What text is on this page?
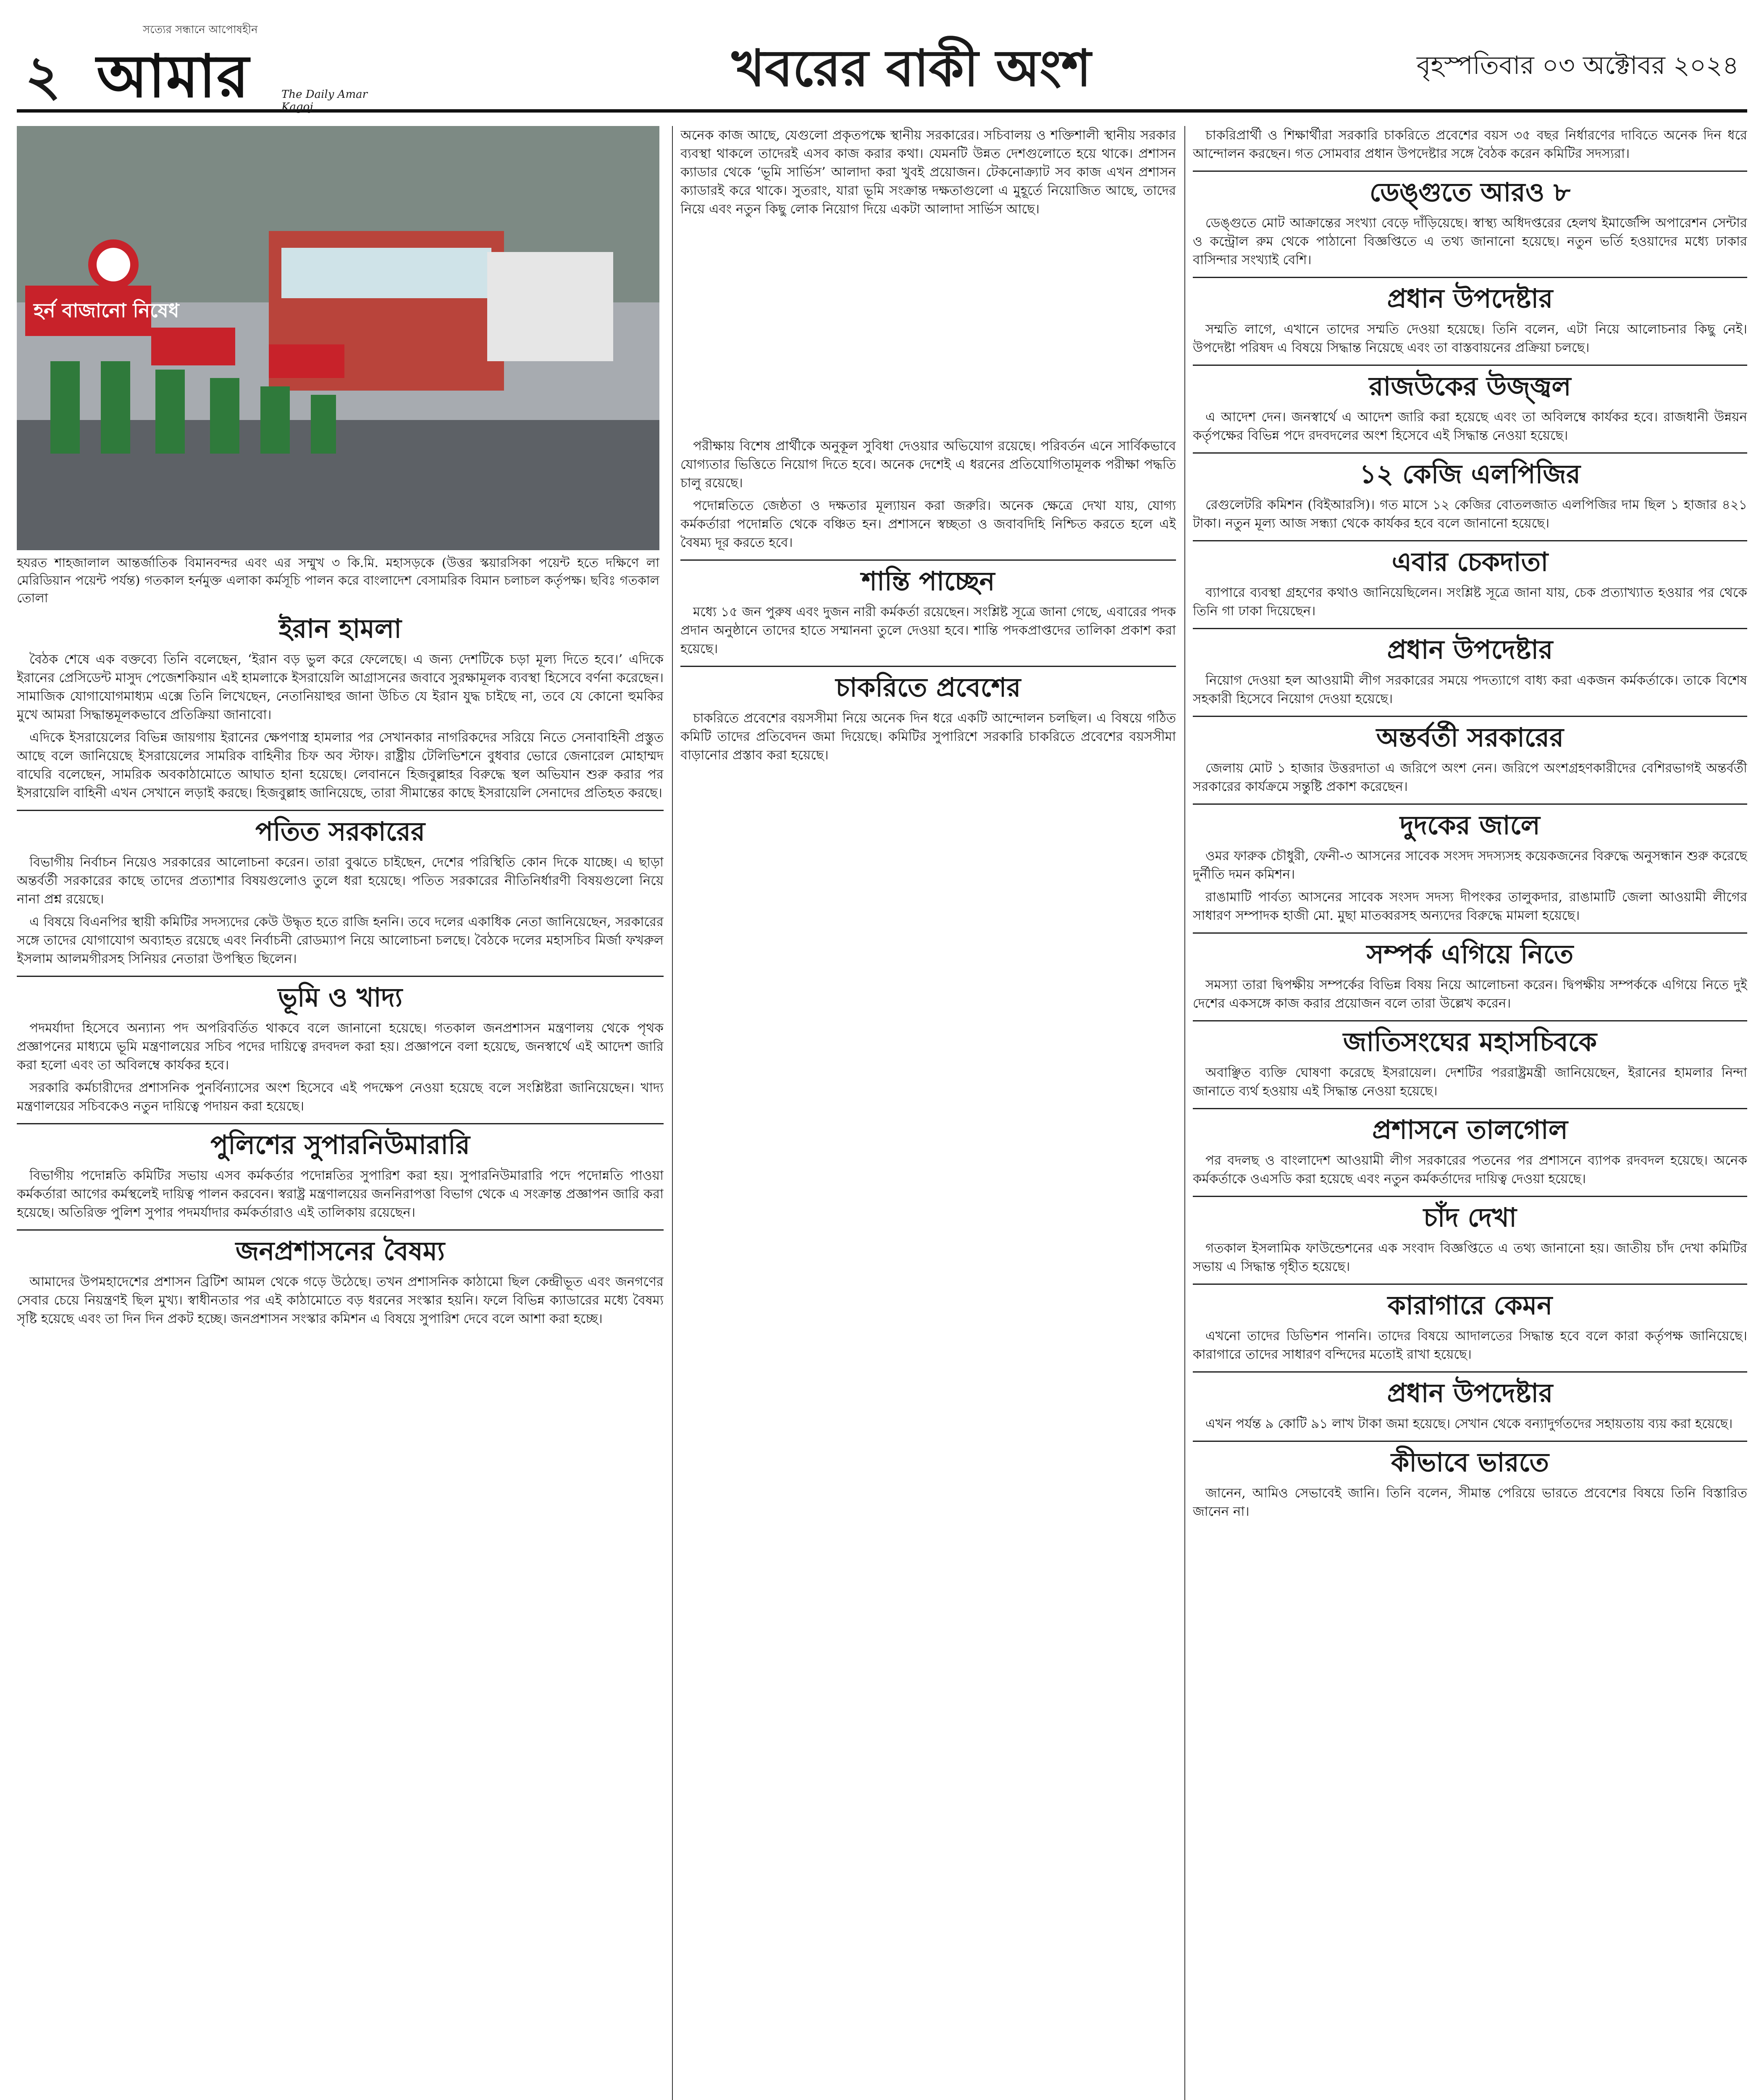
২
সত্যের সন্ধানে আপোষহীন
আমার	The Daily Amar Kagoj
খবরের বাকী অংশ	বৃহস্পতিবার ০৩ অক্টোবর ২০২৪
হর্ন বাজানো নিষেধ
হযরত শাহজালাল আন্তর্জাতিক বিমানবন্দর এবং এর সম্মুখ ৩ কি.মি. মহাসড়কে (উত্তর স্কয়ারসিকা পয়েন্ট হতে দক্ষিণে লা মেরিডিয়ান পয়েন্ট পর্যন্ত) গতকাল হর্নমুক্ত এলাকা কর্মসূচি পালন করে বাংলাদেশ বেসামরিক বিমান চলাচল কর্তৃপক্ষ। ছবিঃ গতকাল তোলা
অনেক কাজ আছে, যেগুলো প্রকৃতপক্ষে স্থানীয় সরকারের। সচিবালয় ও শক্তিশালী স্থানীয় সরকার ব্যবস্থা থাকলে তাদেরই এসব কাজ করার কথা। যেমনটি উন্নত দেশগুলোতে হয়ে থাকে। প্রশাসন ক্যাডার থেকে ‘ভূমি সার্ভিস’ আলাদা করা খুবই প্রয়োজন। টেকনোক্র্যাট সব কাজ এখন প্রশাসন ক্যাডারই করে থাকে। সুতরাং, যারা ভূমি সংক্রান্ত দক্ষতাগুলো এ মুহূর্তে নিয়োজিত আছে, তাদের নিয়ে এবং নতুন কিছু লোক নিয়োগ দিয়ে একটা আলাদা সার্ভিস আছে।
ইরান হামলা

বৈঠক শেষে এক বক্তব্যে তিনি বলেছেন, ‘ইরান বড় ভুল করে ফেলেছে। এ জন্য দেশটিকে চড়া মূল্য দিতে হবে।’ এদিকে ইরানের প্রেসিডেন্ট মাসুদ পেজেশকিয়ান এই হামলাকে ইসরায়েলি আগ্রাসনের জবাবে সুরক্ষামূলক ব্যবস্থা হিসেবে বর্ণনা করেছেন। সামাজিক যোগাযোগমাধ্যম এক্সে তিনি লিখেছেন, নেতানিয়াহুর জানা উচিত যে ইরান যুদ্ধ চাইছে না, তবে যে কোনো হুমকির মুখে আমরা সিদ্ধান্তমূলকভাবে প্রতিক্রিয়া জানাবো।

এদিকে ইসরায়েলের বিভিন্ন জায়গায় ইরানের ক্ষেপণাস্ত্র হামলার পর সেখানকার নাগরিকদের সরিয়ে নিতে সেনাবাহিনী প্রস্তুত আছে বলে জানিয়েছে ইসরায়েলের সামরিক বাহিনীর চিফ অব স্টাফ। রাষ্ট্রীয় টেলিভিশনে বুধবার ভোরে জেনারেল মোহাম্মদ বাঘেরি বলেছেন, সামরিক অবকাঠামোতে আঘাত হানা হয়েছে। লেবাননে হিজবুল্লাহর বিরুদ্ধে স্থল অভিযান শুরু করার পর ইসরায়েলি বাহিনী এখন সেখানে লড়াই করছে। হিজবুল্লাহ জানিয়েছে, তারা সীমান্তের কাছে ইসরায়েলি সেনাদের প্রতিহত করছে।

পতিত সরকারের

বিভাগীয় নির্বাচন নিয়েও সরকারের আলোচনা করেন। তারা বুঝতে চাইছেন, দেশের পরিস্থিতি কোন দিকে যাচ্ছে। এ ছাড়া অন্তর্বর্তী সরকারের কাছে তাদের প্রত্যাশার বিষয়গুলোও তুলে ধরা হয়েছে। পতিত সরকারের নীতিনির্ধারণী বিষয়গুলো নিয়ে নানা প্রশ্ন রয়েছে।

এ বিষয়ে বিএনপির স্থায়ী কমিটির সদস্যদের কেউ উদ্ধৃত হতে রাজি হননি। তবে দলের একাধিক নেতা জানিয়েছেন, সরকারের সঙ্গে তাদের যোগাযোগ অব্যাহত রয়েছে এবং নির্বাচনী রোডম্যাপ নিয়ে আলোচনা চলছে। বৈঠকে দলের মহাসচিব মির্জা ফখরুল ইসলাম আলমগীরসহ সিনিয়র নেতারা উপস্থিত ছিলেন।

ভূমি ও খাদ্য

পদমর্যাদা হিসেবে অন্যান্য পদ অপরিবর্তিত থাকবে বলে জানানো হয়েছে। গতকাল জনপ্রশাসন মন্ত্রণালয় থেকে পৃথক প্রজ্ঞাপনের মাধ্যমে ভূমি মন্ত্রণালয়ের সচিব পদের দায়িত্বে রদবদল করা হয়। প্রজ্ঞাপনে বলা হয়েছে, জনস্বার্থে এই আদেশ জারি করা হলো এবং তা অবিলম্বে কার্যকর হবে।

সরকারি কর্মচারীদের প্রশাসনিক পুনর্বিন্যাসের অংশ হিসেবে এই পদক্ষেপ নেওয়া হয়েছে বলে সংশ্লিষ্টরা জানিয়েছেন। খাদ্য মন্ত্রণালয়ের সচিবকেও নতুন দায়িত্বে পদায়ন করা হয়েছে।

পুলিশের সুপারনিউমারারি

বিভাগীয় পদোন্নতি কমিটির সভায় এসব কর্মকর্তার পদোন্নতির সুপারিশ করা হয়। সুপারনিউমারারি পদে পদোন্নতি পাওয়া কর্মকর্তারা আগের কর্মস্থলেই দায়িত্ব পালন করবেন। স্বরাষ্ট্র মন্ত্রণালয়ের জননিরাপত্তা বিভাগ থেকে এ সংক্রান্ত প্রজ্ঞাপন জারি করা হয়েছে। অতিরিক্ত পুলিশ সুপার পদমর্যাদার কর্মকর্তারাও এই তালিকায় রয়েছেন।

জনপ্রশাসনের বৈষম্য

আমাদের উপমহাদেশের প্রশাসন ব্রিটিশ আমল থেকে গড়ে উঠেছে। তখন প্রশাসনিক কাঠামো ছিল কেন্দ্রীভূত এবং জনগণের সেবার চেয়ে নিয়ন্ত্রণই ছিল মুখ্য। স্বাধীনতার পর এই কাঠামোতে বড় ধরনের সংস্কার হয়নি। ফলে বিভিন্ন ক্যাডারের মধ্যে বৈষম্য সৃষ্টি হয়েছে এবং তা দিন দিন প্রকট হচ্ছে। জনপ্রশাসন সংস্কার কমিশন এ বিষয়ে সুপারিশ দেবে বলে আশা করা হচ্ছে।

পরীক্ষায় বিশেষ প্রার্থীকে অনুকূল সুবিধা দেওয়ার অভিযোগ রয়েছে। পরিবর্তন এনে সার্বিকভাবে যোগ্যতার ভিত্তিতে নিয়োগ দিতে হবে। অনেক দেশেই এ ধরনের প্রতিযোগিতামূলক পরীক্ষা পদ্ধতি চালু রয়েছে।

পদোন্নতিতে জেষ্ঠতা ও দক্ষতার মূল্যায়ন করা জরুরি। অনেক ক্ষেত্রে দেখা যায়, যোগ্য কর্মকর্তারা পদোন্নতি থেকে বঞ্চিত হন। প্রশাসনে স্বচ্ছতা ও জবাবদিহি নিশ্চিত করতে হলে এই বৈষম্য দূর করতে হবে।

শান্তি পাচ্ছেন

মধ্যে ১৫ জন পুরুষ এবং দুজন নারী কর্মকর্তা রয়েছেন। সংশ্লিষ্ট সূত্রে জানা গেছে, এবারের পদক প্রদান অনুষ্ঠানে তাদের হাতে সম্মাননা তুলে দেওয়া হবে। শান্তি পদকপ্রাপ্তদের তালিকা প্রকাশ করা হয়েছে।

চাকরিতে প্রবেশের

চাকরিতে প্রবেশের বয়সসীমা নিয়ে অনেক দিন ধরে একটি আন্দোলন চলছিল। এ বিষয়ে গঠিত কমিটি তাদের প্রতিবেদন জমা দিয়েছে। কমিটির সুপারিশে সরকারি চাকরিতে প্রবেশের বয়সসীমা বাড়ানোর প্রস্তাব করা হয়েছে।

চাকরিপ্রার্থী ও শিক্ষার্থীরা সরকারি চাকরিতে প্রবেশের বয়স ৩৫ বছর নির্ধারণের দাবিতে অনেক দিন ধরে আন্দোলন করছেন। গত সোমবার প্রধান উপদেষ্টার সঙ্গে বৈঠক করেন কমিটির সদস্যরা।

ডেঙ্গুতে আরও ৮

ডেঙ্গুতে মোট আক্রান্তের সংখ্যা বেড়ে দাঁড়িয়েছে। স্বাস্থ্য অধিদপ্তরের হেলথ ইমার্জেন্সি অপারেশন সেন্টার ও কন্ট্রোল রুম থেকে পাঠানো বিজ্ঞপ্তিতে এ তথ্য জানানো হয়েছে। নতুন ভর্তি হওয়াদের মধ্যে ঢাকার বাসিন্দার সংখ্যাই বেশি।

প্রধান উপদেষ্টার

সম্মতি লাগে, এখানে তাদের সম্মতি দেওয়া হয়েছে। তিনি বলেন, এটা নিয়ে আলোচনার কিছু নেই। উপদেষ্টা পরিষদ এ বিষয়ে সিদ্ধান্ত নিয়েছে এবং তা বাস্তবায়নের প্রক্রিয়া চলছে।

রাজউকের উজ্জ্বল

এ আদেশ দেন। জনস্বার্থে এ আদেশ জারি করা হয়েছে এবং তা অবিলম্বে কার্যকর হবে। রাজধানী উন্নয়ন কর্তৃপক্ষের বিভিন্ন পদে রদবদলের অংশ হিসেবে এই সিদ্ধান্ত নেওয়া হয়েছে।

১২ কেজি এলপিজির

রেগুলেটরি কমিশন (বিইআরসি)। গত মাসে ১২ কেজির বোতলজাত এলপিজির দাম ছিল ১ হাজার ৪২১ টাকা। নতুন মূল্য আজ সন্ধ্যা থেকে কার্যকর হবে বলে জানানো হয়েছে।

এবার চেকদাতা

ব্যাপারে ব্যবস্থা গ্রহণের কথাও জানিয়েছিলেন। সংশ্লিষ্ট সূত্রে জানা যায়, চেক প্রত্যাখ্যাত হওয়ার পর থেকে তিনি গা ঢাকা দিয়েছেন।

প্রধান উপদেষ্টার

নিয়োগ দেওয়া হল আওয়ামী লীগ সরকারের সময়ে পদত্যাগে বাধ্য করা একজন কর্মকর্তাকে। তাকে বিশেষ সহকারী হিসেবে নিয়োগ দেওয়া হয়েছে।

অন্তর্বর্তী সরকারের

জেলায় মোট ১ হাজার উত্তরদাতা এ জরিপে অংশ নেন। জরিপে অংশগ্রহণকারীদের বেশিরভাগই অন্তর্বর্তী সরকারের কার্যক্রমে সন্তুষ্টি প্রকাশ করেছেন।

দুদকের জালে

ওমর ফারুক চৌধুরী, ফেনী-৩ আসনের সাবেক সংসদ সদস্যসহ কয়েকজনের বিরুদ্ধে অনুসন্ধান শুরু করেছে দুর্নীতি দমন কমিশন।

রাঙামাটি পার্বত্য আসনের সাবেক সংসদ সদস্য দীপংকর তালুকদার, রাঙামাটি জেলা আওয়ামী লীগের সাধারণ সম্পাদক হাজী মো. মুছা মাতব্বরসহ অন্যদের বিরুদ্ধে মামলা হয়েছে।

সম্পর্ক এগিয়ে নিতে

সমস্যা তারা দ্বিপক্ষীয় সম্পর্কের বিভিন্ন বিষয় নিয়ে আলোচনা করেন। দ্বিপক্ষীয় সম্পর্ককে এগিয়ে নিতে দুই দেশের একসঙ্গে কাজ করার প্রয়োজন বলে তারা উল্লেখ করেন।

জাতিসংঘের মহাসচিবকে

অবাঞ্ছিত ব্যক্তি ঘোষণা করেছে ইসরায়েল। দেশটির পররাষ্ট্রমন্ত্রী জানিয়েছেন, ইরানের হামলার নিন্দা জানাতে ব্যর্থ হওয়ায় এই সিদ্ধান্ত নেওয়া হয়েছে।

প্রশাসনে তালগোল

পর বদলছ ও বাংলাদেশ আওয়ামী লীগ সরকারের পতনের পর প্রশাসনে ব্যাপক রদবদল হয়েছে। অনেক কর্মকর্তাকে ওএসডি করা হয়েছে এবং নতুন কর্মকর্তাদের দায়িত্ব দেওয়া হয়েছে।

চাঁদ দেখা

গতকাল ইসলামিক ফাউন্ডেশনের এক সংবাদ বিজ্ঞপ্তিতে এ তথ্য জানানো হয়। জাতীয় চাঁদ দেখা কমিটির সভায় এ সিদ্ধান্ত গৃহীত হয়েছে।

কারাগারে কেমন

এখনো তাদের ডিভিশন পাননি। তাদের বিষয়ে আদালতের সিদ্ধান্ত হবে বলে কারা কর্তৃপক্ষ জানিয়েছে। কারাগারে তাদের সাধারণ বন্দিদের মতোই রাখা হয়েছে।

প্রধান উপদেষ্টার

এখন পর্যন্ত ৯ কোটি ৯১ লাখ টাকা জমা হয়েছে। সেখান থেকে বন্যাদুর্গতদের সহায়তায় ব্যয় করা হয়েছে।

কীভাবে ভারতে

জানেন, আমিও সেভাবেই জানি। তিনি বলেন, সীমান্ত পেরিয়ে ভারতে প্রবেশের বিষয়ে তিনি বিস্তারিত জানেন না।
